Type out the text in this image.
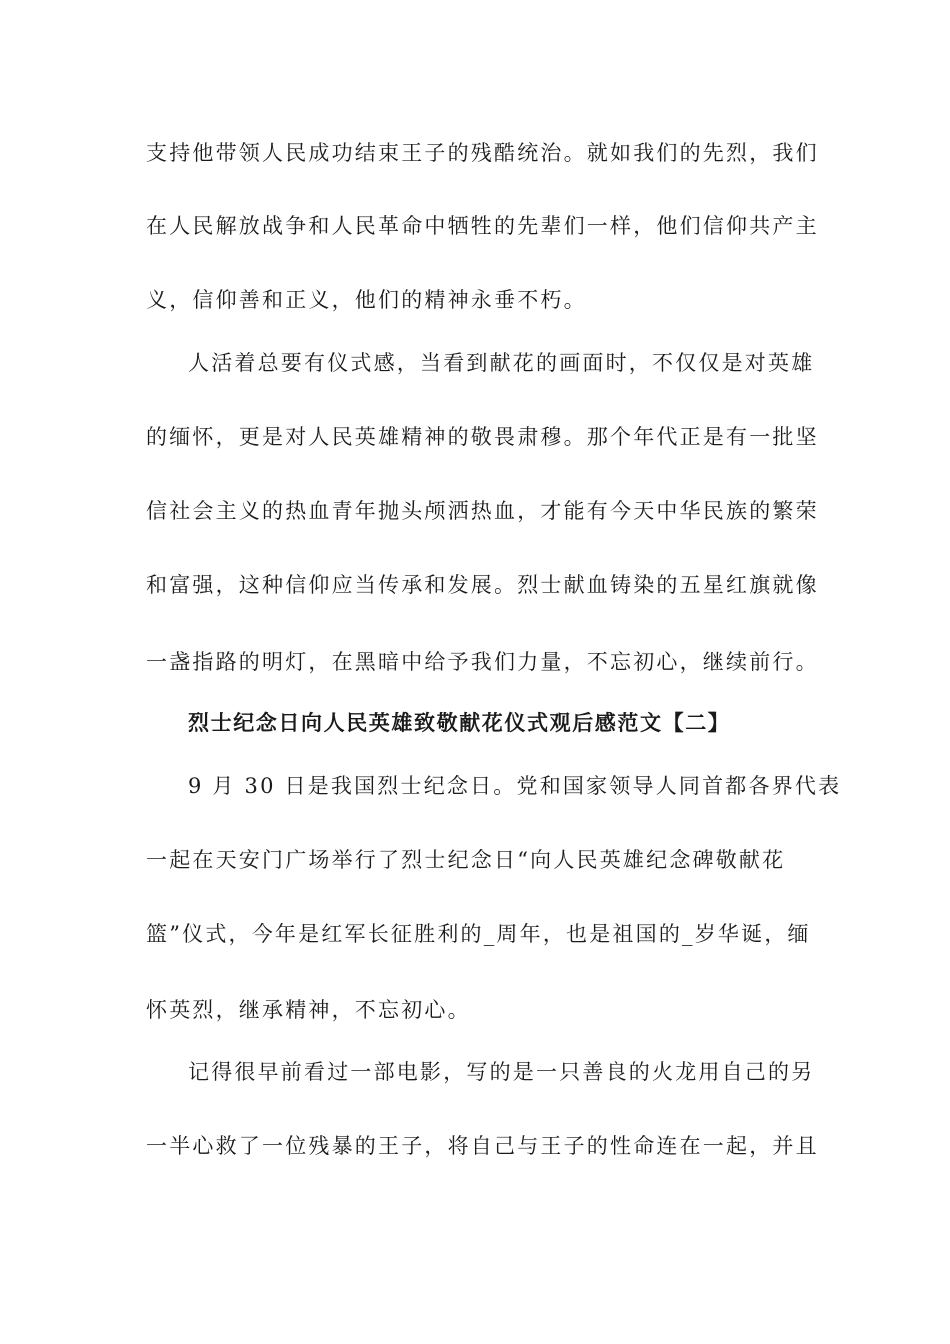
支持他带领人民成功结束王子的残酷统治。就如我们的先烈，我们
在人民解放战争和人民革命中牺牲的先辈们一样，他们信仰共产主
义，信仰善和正义，他们的精神永垂不朽。
人活着总要有仪式感，当看到献花的画面时，不仅仅是对英雄
的缅怀，更是对人民英雄精神的敬畏肃穆。那个年代正是有一批坚
信社会主义的热血青年抛头颅洒热血，才能有今天中华民族的繁荣
和富强，这种信仰应当传承和发展。烈士献血铸染的五星红旗就像
一盏指路的明灯，在黑暗中给予我们力量，不忘初心，继续前行。
烈士纪念日向人民英雄致敬献花仪式观后感范文【二】
9 月 30 日是我国烈士纪念日。党和国家领导人同首都各界代表
一起在天安门广场举行了烈士纪念日“向人民英雄纪念碑敬献花
篮”仪式，今年是红军长征胜利的_周年，也是祖国的_岁华诞，缅
怀英烈，继承精神，不忘初心。
记得很早前看过一部电影，写的是一只善良的火龙用自己的另
一半心救了一位残暴的王子，将自己与王子的性命连在一起，并且
